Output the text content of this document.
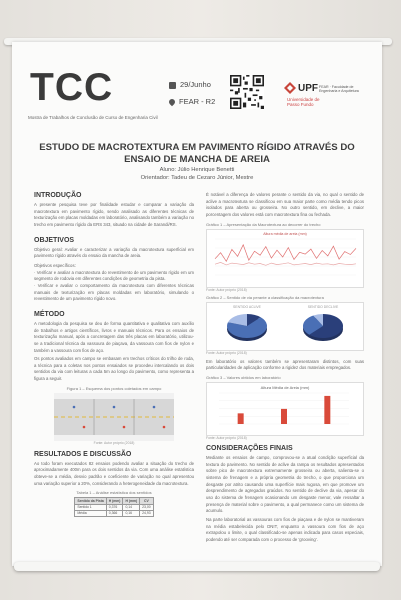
TCC
Mostra de Trabalhos de Conclusão de Curso de Engenharia Civil
29/Junho
FEAR - R2
UPF
Universidade de Passo Fundo
FEAR · Faculdade de Engenharia e Arquitetura
ESTUDO DE MACROTEXTURA EM PAVIMENTO RÍGIDO ATRAVÉS DO ENSAIO DE MANCHA DE AREIA
Aluno: Júlio Henrique Benetti
Orientador: Tadeu de Cezaro Júnior, Mestre
INTRODUÇÃO
A presente pesquisa teve por finalidade estudar e comparar a variação da macrotextura em pavimento rígido, sendo analisado as diferentes técnicas de texturização em placas moldadas em laboratório, analisando também a variação no trecho em pavimento rígido da ERS 343, situado na cidade de Sarandi/RS.
OBJETIVOS
Objetivo geral: Avaliar e caracterizar a variação da macrotextura superficial em pavimento rígido através do ensaio da mancha de areia.
Objetivos específicos:
· Verificar e avaliar a macrotextura do revestimento de um pavimento rígido em um segmento de rodovia em diferentes condições de geometria da pista.
· Verificar e avaliar o comportamento da macrotextura com diferentes técnicas manuais de texturização em placas moldadas em laboratório, simulando o revestimento de um pavimento rígido novo.
MÉTODO
A metodologia da pesquisa se deu de forma quantitativa e qualitativa com auxílio de trabalhos e artigos científicos, livros e manuais técnicos. Para os ensaios de texturização manual, após a concretagem das três placas em laboratório, utilizou-se a tradicional técnica da vassoura de piaçava, da vassoura com fios de nylon e também a vassoura com fios de aço.
Os pontos avaliados em campo se embasam em trechos críticos do trilho de roda, a técnica para a coletas nos pontos ensaiados se procedeu intercalando os dois sentidos da via com leituras a cada 5m ao longo do pavimento, como representa a figura a seguir.
Figura 1 – Esquema dos pontos coletados em campo
Fonte: Autor próprio (2018)
RESULTADOS E DISCUSSÃO
Ao todo foram executados 82 ensaios podendo avaliar a situação do trecho de aproximadamente 400m para os dois sentidos da via. Com uma análise estatística obteve-se a média, desvio padrão e coeficiente de variação no qual apresentou uma variação superior a 20%, considerando a heterogeneidade da macrotextura.
Tabela 1 – Análise estatística dos sentidos
Sentido da Pista	H (mm)	H (mm)	CV
Sentido 1	0,376	0,14	23,00
Média	0,366	0,16	24,93
É notável a diferença de valores perante o sentido da via, no qual o sentido de aclive a macrotextura se classificou em sua maior parte como média tendo picos isolados para aberta ou grosseira. No outro sentido, em declive, a maior porcentagem dos valores está com macrotextura fina ou fechada.
Gráfico 1 – Apresentação da Macrotextura ao decorrer do trecho
Altura média de areia (mm)
Fonte: Autor próprio (2018)
Gráfico 2 – Sentido de via perante a classificação da macrotextura
SENTIDO ACLIVE	SENTIDO DECLIVE
Fonte: Autor próprio (2018)
Em laboratório os valores também se apresentaram distintos, com suas particularidades de aplicação conforme a rigidez dos materiais empregados.
Gráfico 3 – Valores obtidos em laboratório
Altura Média de Areia (mm)
Fonte: Autor próprio (2018)
CONSIDERAÇÕES FINAIS
Mediante os ensaios de campo, comprovou-se a atual condição superficial da textura do pavimento. No sentido de aclive da rampa os resultados apresentados sobre pico de macrotextura extremamente grosseira ou aberta, salienta-se o sistema de frenagem e a própria geometria do trecho, o que proporciona um desgaste por atrito causando uma superfície mais rugosa, em que promove um desprendimento de agregados graúdos. No sentido de declive da via, apesar do uso do sistema de frenagem ocasionando um desgaste menor, vale ressaltar a presença de material sobre o pavimento, a qual permanece como um sistema de acumulo.
Na parte laboratorial as vassouras com fios de piaçava e de nylon se mantiveram na média estabelecida pelo DNIT, enquanto a vassoura com fios de aço extrapolou o limite, o qual classificado-se apenas indicada para casos especiais, podendo até ser comparada com o processo de 'grooving'.
